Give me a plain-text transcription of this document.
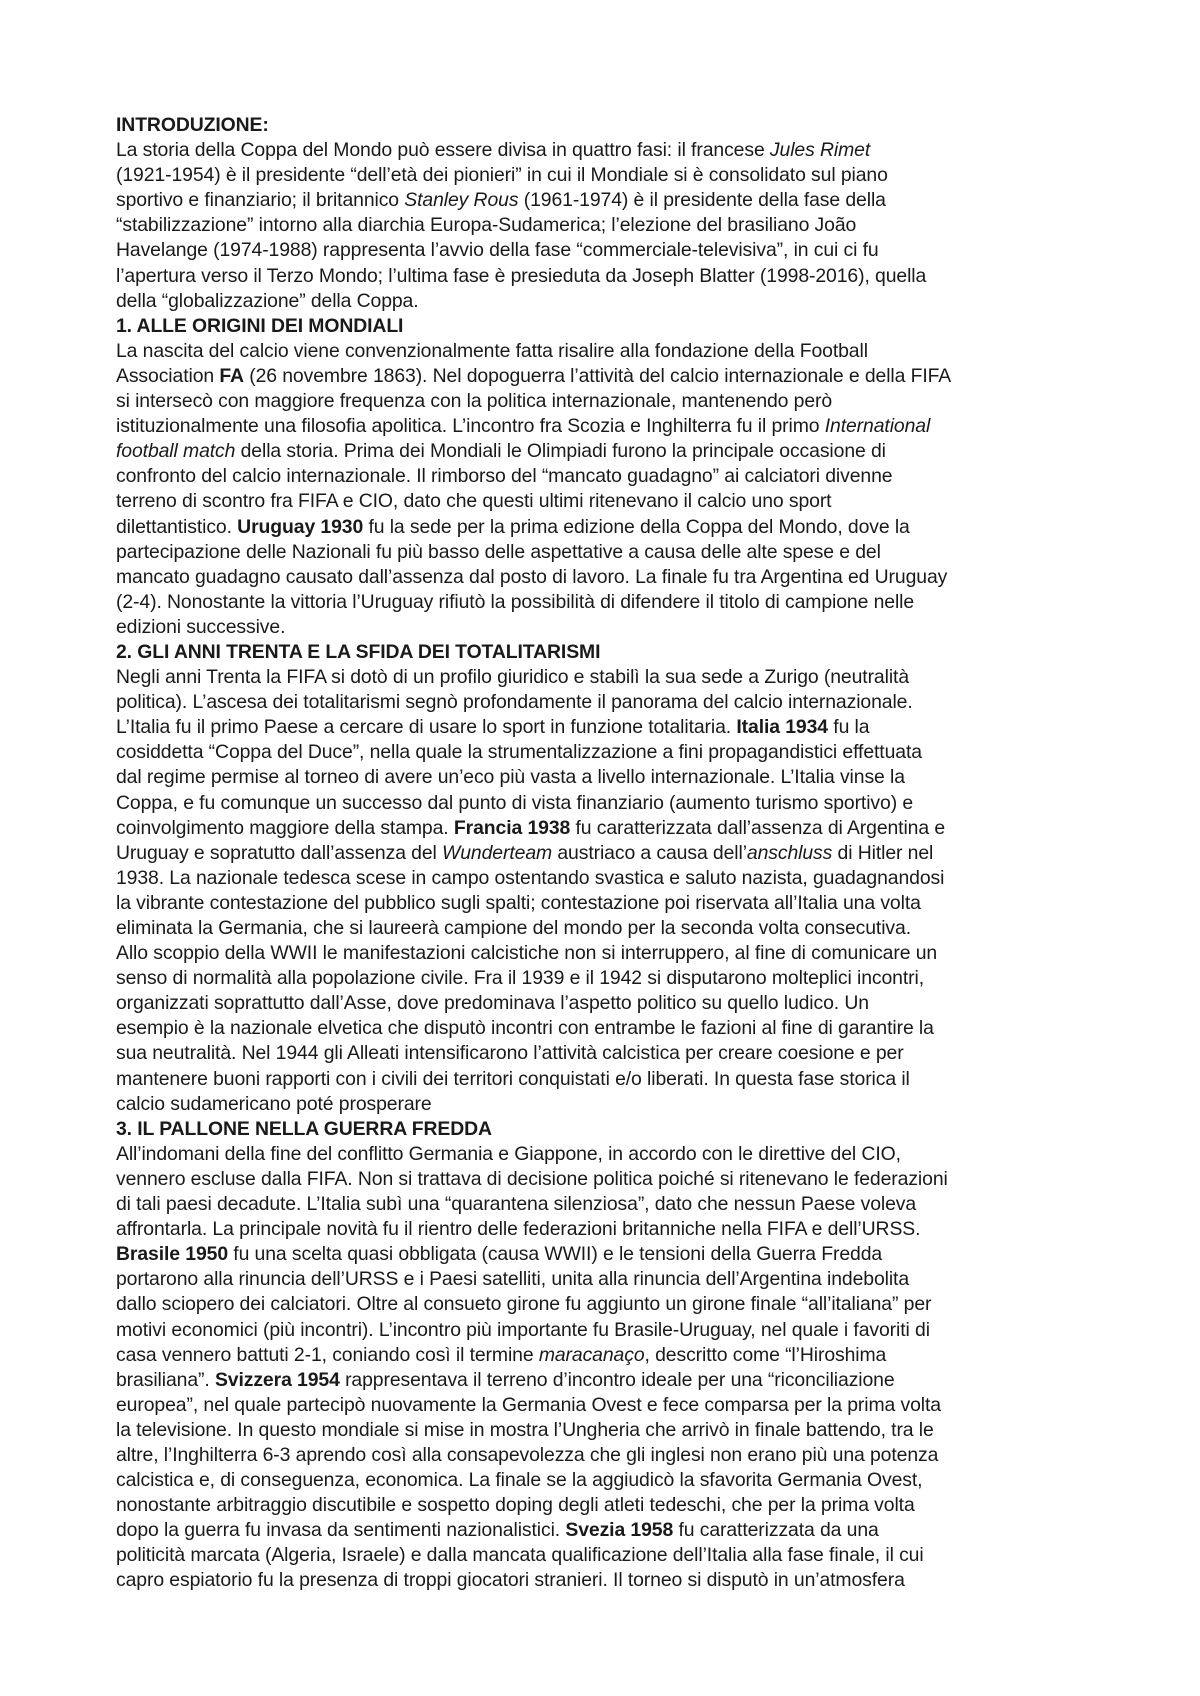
INTRODUZIONE:
La storia della Coppa del Mondo può essere divisa in quattro fasi: il francese Jules Rimet
(1921-1954) è il presidente “dell’età dei pionieri” in cui il Mondiale si è consolidato sul piano
sportivo e finanziario; il britannico Stanley Rous (1961-1974) è il presidente della fase della
“stabilizzazione” intorno alla diarchia Europa-Sudamerica; l’elezione del brasiliano João
Havelange (1974-1988) rappresenta l’avvio della fase “commerciale-televisiva”, in cui ci fu
l’apertura verso il Terzo Mondo; l’ultima fase è presieduta da Joseph Blatter (1998-2016), quella
della “globalizzazione” della Coppa.
1. ALLE ORIGINI DEI MONDIALI
La nascita del calcio viene convenzionalmente fatta risalire alla fondazione della Football
Association FA (26 novembre 1863). Nel dopoguerra l’attività del calcio internazionale e della FIFA
si intersecò con maggiore frequenza con la politica internazionale, mantenendo però
istituzionalmente una filosofia apolitica. L’incontro fra Scozia e Inghilterra fu il primo International
football match della storia. Prima dei Mondiali le Olimpiadi furono la principale occasione di
confronto del calcio internazionale. Il rimborso del “mancato guadagno” ai calciatori divenne
terreno di scontro fra FIFA e CIO, dato che questi ultimi ritenevano il calcio uno sport
dilettantistico. Uruguay 1930 fu la sede per la prima edizione della Coppa del Mondo, dove la
partecipazione delle Nazionali fu più basso delle aspettative a causa delle alte spese e del
mancato guadagno causato dall’assenza dal posto di lavoro. La finale fu tra Argentina ed Uruguay
(2-4). Nonostante la vittoria l’Uruguay rifiutò la possibilità di difendere il titolo di campione nelle
edizioni successive.
2. GLI ANNI TRENTA E LA SFIDA DEI TOTALITARISMI
Negli anni Trenta la FIFA si dotò di un profilo giuridico e stabilì la sua sede a Zurigo (neutralità
politica). L’ascesa dei totalitarismi segnò profondamente il panorama del calcio internazionale.
L’Italia fu il primo Paese a cercare di usare lo sport in funzione totalitaria. Italia 1934 fu la
cosiddetta “Coppa del Duce”, nella quale la strumentalizzazione a fini propagandistici effettuata
dal regime permise al torneo di avere un’eco più vasta a livello internazionale. L’Italia vinse la
Coppa, e fu comunque un successo dal punto di vista finanziario (aumento turismo sportivo) e
coinvolgimento maggiore della stampa. Francia 1938 fu caratterizzata dall’assenza di Argentina e
Uruguay e sopratutto dall’assenza del Wunderteam austriaco a causa dell’anschluss di Hitler nel
1938. La nazionale tedesca scese in campo ostentando svastica e saluto nazista, guadagnandosi
la vibrante contestazione del pubblico sugli spalti; contestazione poi riservata all’Italia una volta
eliminata la Germania, che si laureerà campione del mondo per la seconda volta consecutiva.
Allo scoppio della WWII le manifestazioni calcistiche non si interruppero, al fine di comunicare un
senso di normalità alla popolazione civile. Fra il 1939 e il 1942 si disputarono molteplici incontri,
organizzati soprattutto dall’Asse, dove predominava l’aspetto politico su quello ludico. Un
esempio è la nazionale elvetica che disputò incontri con entrambe le fazioni al fine di garantire la
sua neutralità. Nel 1944 gli Alleati intensificarono l’attività calcistica per creare coesione e per
mantenere buoni rapporti con i civili dei territori conquistati e/o liberati. In questa fase storica il
calcio sudamericano poté prosperare
3. IL PALLONE NELLA GUERRA FREDDA
All’indomani della fine del conflitto Germania e Giappone, in accordo con le direttive del CIO,
vennero escluse dalla FIFA. Non si trattava di decisione politica poiché si ritenevano le federazioni
di tali paesi decadute. L’Italia subì una “quarantena silenziosa”, dato che nessun Paese voleva
affrontarla. La principale novità fu il rientro delle federazioni britanniche nella FIFA e dell’URSS.
Brasile 1950 fu una scelta quasi obbligata (causa WWII) e le tensioni della Guerra Fredda
portarono alla rinuncia dell’URSS e i Paesi satelliti, unita alla rinuncia dell’Argentina indebolita
dallo sciopero dei calciatori. Oltre al consueto girone fu aggiunto un girone finale “all’italiana” per
motivi economici (più incontri). L’incontro più importante fu Brasile-Uruguay, nel quale i favoriti di
casa vennero battuti 2-1, coniando così il termine maracanaço, descritto come “l’Hiroshima
brasiliana”. Svizzera 1954 rappresentava il terreno d’incontro ideale per una “riconciliazione
europea”, nel quale partecipò nuovamente la Germania Ovest e fece comparsa per la prima volta
la televisione. In questo mondiale si mise in mostra l’Ungheria che arrivò in finale battendo, tra le
altre, l’Inghilterra 6-3 aprendo così alla consapevolezza che gli inglesi non erano più una potenza
calcistica e, di conseguenza, economica. La finale se la aggiudicò la sfavorita Germania Ovest,
nonostante arbitraggio discutibile e sospetto doping degli atleti tedeschi, che per la prima volta
dopo la guerra fu invasa da sentimenti nazionalistici. Svezia 1958 fu caratterizzata da una
politicità marcata (Algeria, Israele) e dalla mancata qualificazione dell’Italia alla fase finale, il cui
capro espiatorio fu la presenza di troppi giocatori stranieri. Il torneo si disputò in un’atmosfera
